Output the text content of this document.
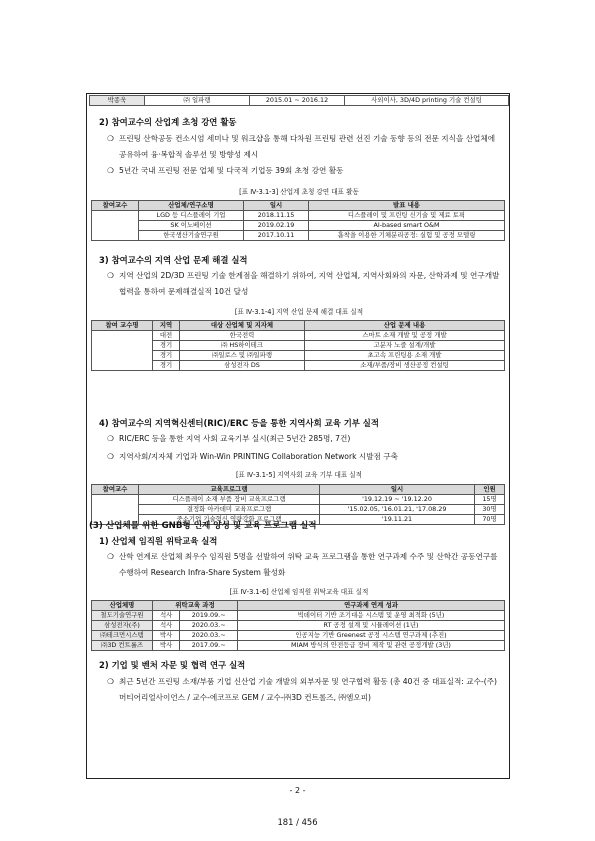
박종욱	㈜ 일파랭	2015.01 ~ 2016.12	사외이사, 3D/4D printing 기술 컨설팅
2) 참여교수의 산업계 초청 강연 활동
❍ 프린팅 산학공동 컨소시엄 세미나 및 워크샵을 통해 다차원 프린팅 관련 선진 기술 동향 등의 전문 지식을 산업체에 공유하여 융·복합적 솔루션 및 방향성 제시
❍ 5년간 국내 프린팅 전문 업체 및 다국적 기업등 39회 초청 강연 활동
[표 Ⅳ-3.1-3] 산업계 초청 강연 대표 활동
참여교수	산업체/연구소명	일시	발표 내용
	LGD 등 디스플레이 기업	2018.11.15	디스플레이 및 프린팅 신기술 및 제료 토픽
	SK 이노베이션	2019.02.19	AI-based smart O&M
	한국생산기술연구원	2017.10.11	흡착을 이용한 기체분리공정: 실험 및 공정 모델링
3) 참여교수의 지역 산업 문제 해결 실적
❍ 지역 산업의 2D/3D 프린팅 기술 한계점을 해결하기 위하여, 지역 산업체, 지역사회와의 자문, 산학과제 및 연구개발 협력을 통하여 문제해결실적 10건 달성
[표 Ⅳ-3.1-4] 지역 산업 문제 해결 대표 실적
참여 교수명	지역	대상 산업체 및 지자체	산업 문제 내용
	대전	한국전력	스마트 소재 개발 및 공정 개발
	경기	㈜ HS하이테크	고분자 노즐 설계/개발
	경기	㈜일로스 및 ㈜일파랭	초고속 프린팅용 소재 개발
	경기	삼성전자 DS	소재/부품/장비 생산공정 컨설팅
4) 참여교수의 지역혁신센터(RIC)/ERC 등을 통한 지역사회 교육 기부 실적
❍ RIC/ERC 등을 통한 지역 사회 교육기부 실시(최근 5년간 285명, 7건)
❍ 지역사회/지자체 기업과 Win-Win PRINTING Collaboration Network 시발점 구축
[표 Ⅳ-3.1-5] 지역사회 교육 기부 대표 실적
참여교수	교육프로그램	일시	인원
	디스플레이 소재 부품 장비 교육프로그램	'19.12.19 ~ '19.12.20	15명
	결정화 아카데미 교육프로그램	'15.02.05, '16.01.21, '17.08.29	30명
	중소기업 기술혁신 역량강화 프로그램	'19.11.21	70명
(3) 산업체를 위한 GNB형 인재 양성 및 교육 프로그램 실적
1) 산업체 임직원 위탁교육 실적
❍ 산학 연계로 산업체 최우수 임직원 5명을 선발하여 위탁 교육 프로그램을 통한 연구과제 수주 및 산학간 공동연구를 수행하여 Research Infra-Share System 활성화
[표 Ⅳ-3.1-6] 산업체 임직원 위탁교육 대표 실적
산업체명	위탁교육 과정		연구과제 연계 성과
철도기술연구원	석사	2019.09.~	빅데이터 기반 조기대응 시스템 및 운영 최적화 (5년)
삼성전자(주)	석사	2020.03.~	RT 공정 설계 및 시뮬레이션 (1년)
㈜테크먼시스템	박사	2020.03.~	인공지능 기반 Greenest 공정 시스템 연구과제 (추진)
㈜3D 컨트롤즈	박사	2017.09.~	MIAM 방식의 안전등급 장비 제작 및 관련 공정개발 (3년)
2) 기업 및 벤처 자문 및 협력 연구 실적
❍ 최근 5년간 프린팅 소재/부품 기업 신산업 기술 개발의 외부자문 및 연구협력 활동 (총 40건 중 대표실적: 교수-(주)머티어리얼사이언스 / 교수-에코프로 GEM / 교수-㈜3D 컨트롤즈, ㈜엠오피)
- 2 -
181 / 456
